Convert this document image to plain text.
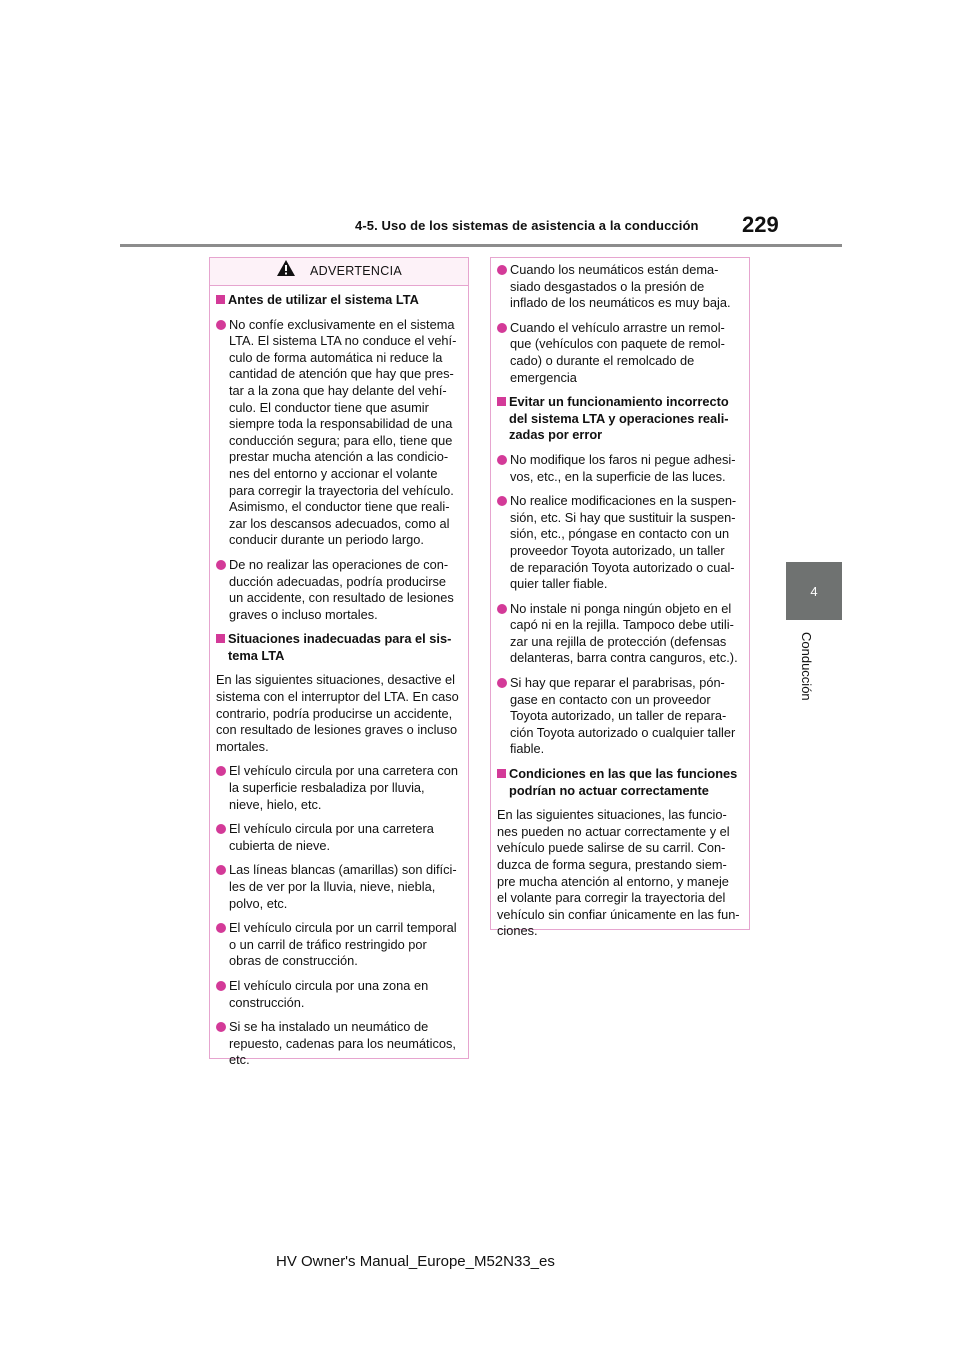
4-5. Uso de los sistemas de asistencia a la conducción 229
4
Conducción
ADVERTENCIA
Antes de utilizar el sistema LTA
No confíe exclusivamente en el sistema LTA. El sistema LTA no conduce el vehí-culo de forma automática ni reduce la cantidad de atención que hay que pres-tar a la zona que hay delante del vehí-culo. El conductor tiene que asumir siempre toda la responsabilidad de una conducción segura; para ello, tiene que prestar mucha atención a las condicio-nes del entorno y accionar el volante para corregir la trayectoria del vehículo. Asimismo, el conductor tiene que reali-zar los descansos adecuados, como al conducir durante un periodo largo.
De no realizar las operaciones de con-ducción adecuadas, podría producirse un accidente, con resultado de lesiones graves o incluso mortales.
Situaciones inadecuadas para el sis-tema LTA
En las siguientes situaciones, desactive el sistema con el interruptor del LTA. En caso contrario, podría producirse un accidente, con resultado de lesiones graves o incluso mortales.
El vehículo circula por una carretera con la superficie resbaladiza por lluvia, nieve, hielo, etc.
El vehículo circula por una carretera cubierta de nieve.
Las líneas blancas (amarillas) son difíci-les de ver por la lluvia, nieve, niebla, polvo, etc.
El vehículo circula por un carril temporal o un carril de tráfico restringido por obras de construcción.
El vehículo circula por una zona en construcción.
Si se ha instalado un neumático de repuesto, cadenas para los neumáticos, etc.
Cuando los neumáticos están dema-siado desgastados o la presión de inflado de los neumáticos es muy baja.
Cuando el vehículo arrastre un remol-que (vehículos con paquete de remol-cado) o durante el remolcado de emergencia
Evitar un funcionamiento incorrecto del sistema LTA y operaciones reali-zadas por error
No modifique los faros ni pegue adhesi-vos, etc., en la superficie de las luces.
No realice modificaciones en la suspen-sión, etc. Si hay que sustituir la suspen-sión, etc., póngase en contacto con un proveedor Toyota autorizado, un taller de reparación Toyota autorizado o cual-quier taller fiable.
No instale ni ponga ningún objeto en el capó ni en la rejilla. Tampoco debe utili-zar una rejilla de protección (defensas delanteras, barra contra canguros, etc.).
Si hay que reparar el parabrisas, pón-gase en contacto con un proveedor Toyota autorizado, un taller de repara-ción Toyota autorizado o cualquier taller fiable.
Condiciones en las que las funciones podrían no actuar correctamente
En las siguientes situaciones, las funcio-nes pueden no actuar correctamente y el vehículo puede salirse de su carril. Con-duzca de forma segura, prestando siem-pre mucha atención al entorno, y maneje el volante para corregir la trayectoria del vehículo sin confiar únicamente en las fun-ciones.
HV Owner's Manual_Europe_M52N33_es
